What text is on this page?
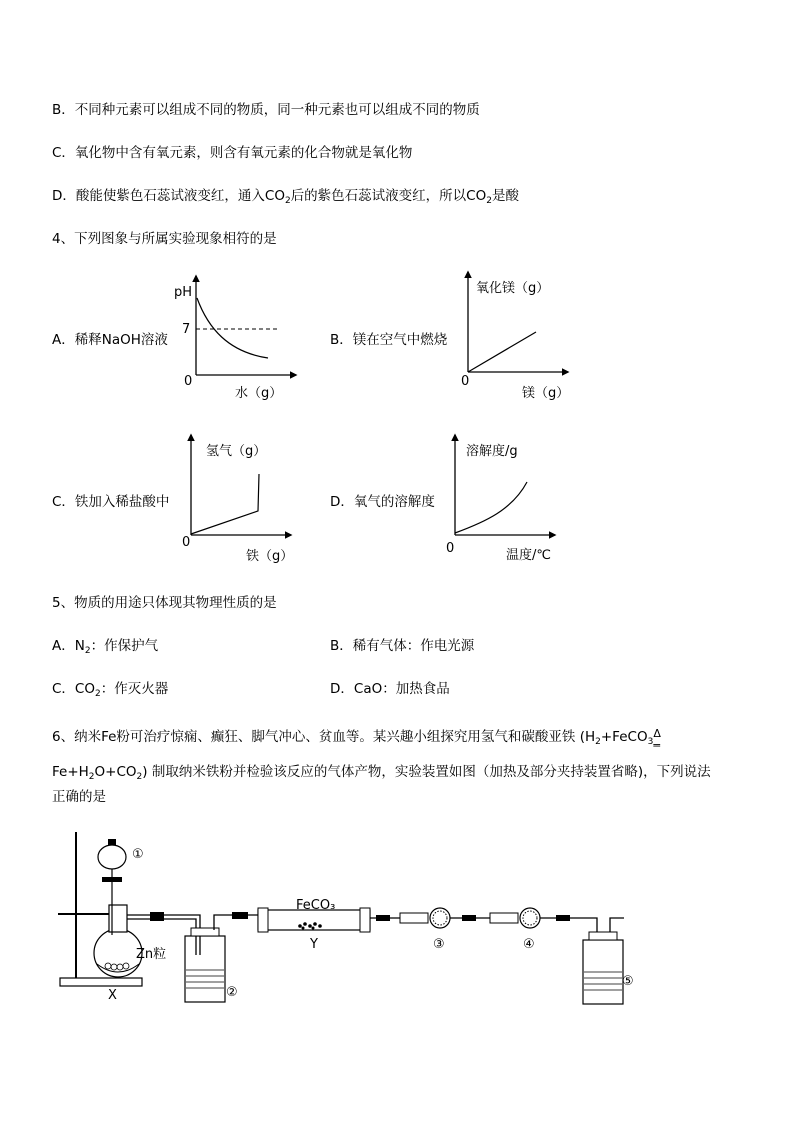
B．不同种元素可以组成不同的物质，同一种元素也可以组成不同的物质
C．氧化物中含有氧元素，则含有氧元素的化合物就是氧化物
D．酸能使紫色石蕊试液变红，通入$CO_2$后的紫色石蕊试液变红，所以$CO_2$是酸
4、下列图象与所属实验现象相符的是
A．稀释NaOH溶液	B．镁在空气中燃烧
C．铁加入稀盐酸中	D．氧气的溶解度
pH
7
0
水（g）
氧化镁（g）
0
镁（g）
氢气（g）
0
铁（g）
溶解度/g
0	温度/℃
5、物质的用途只体现其物理性质的是
A．$N_2$：作保护气	B．稀有气体：作电光源
C．$CO_2$：作灭火器	D．CaO：加热食品
6、纳米Fe粉可治疗惊痫、癫狂、脚气冲心、贫血等。某兴趣小组探究用氢气和碳酸亚铁 ($H_2+FeCO_3$
Δ
═
$Fe+H_2O+CO_2$) 制取纳米铁粉并检验该反应的气体产物，实验装置如图（加热及部分夹持装置省略)，下列说法
正确的是
①
②
③	④
⑤
X
Y
Zn粒
FeCO₃
